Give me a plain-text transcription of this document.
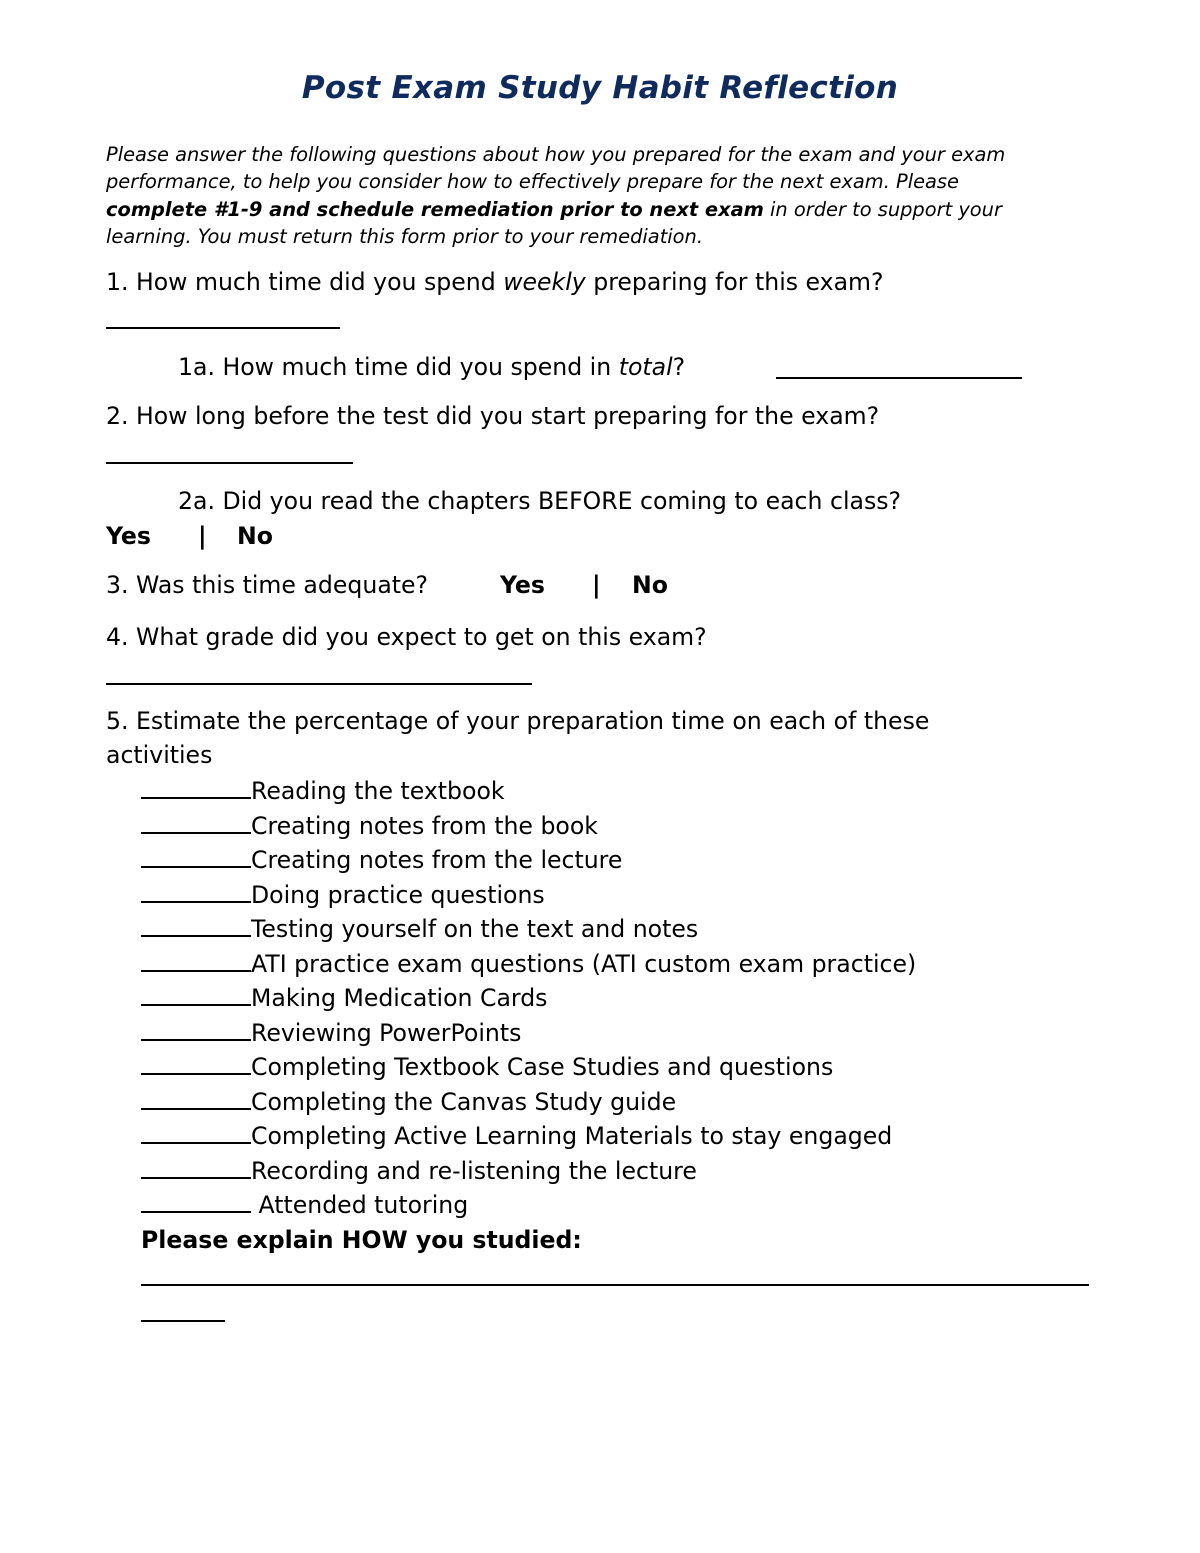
Post Exam Study Habit Reflection

Please answer the following questions about how you prepared for the exam and your exam performance, to help you consider how to effectively prepare for the next exam. Please complete #1-9 and schedule remediation prior to next exam in order to support your learning. You must return this form prior to your remediation.

1. How much time did you spend weekly preparing for this exam?
1a. How much time did you spend in total?
2. How long before the test did you start preparing for the exam?
2a. Did you read the chapters BEFORE coming to each class?
Yes | No
3. Was this time adequate?	Yes | No
4. What grade did you expect to get on this exam?
5. Estimate the percentage of your preparation time on each of these
activities
Reading the textbook
Creating notes from the book
Creating notes from the lecture
Doing practice questions
Testing yourself on the text and notes
ATI practice exam questions (ATI custom exam practice)
Making Medication Cards
Reviewing PowerPoints
Completing Textbook Case Studies and questions
Completing the Canvas Study guide
Completing Active Learning Materials to stay engaged
Recording and re-listening the lecture
Attended tutoring
Please explain HOW you studied:
